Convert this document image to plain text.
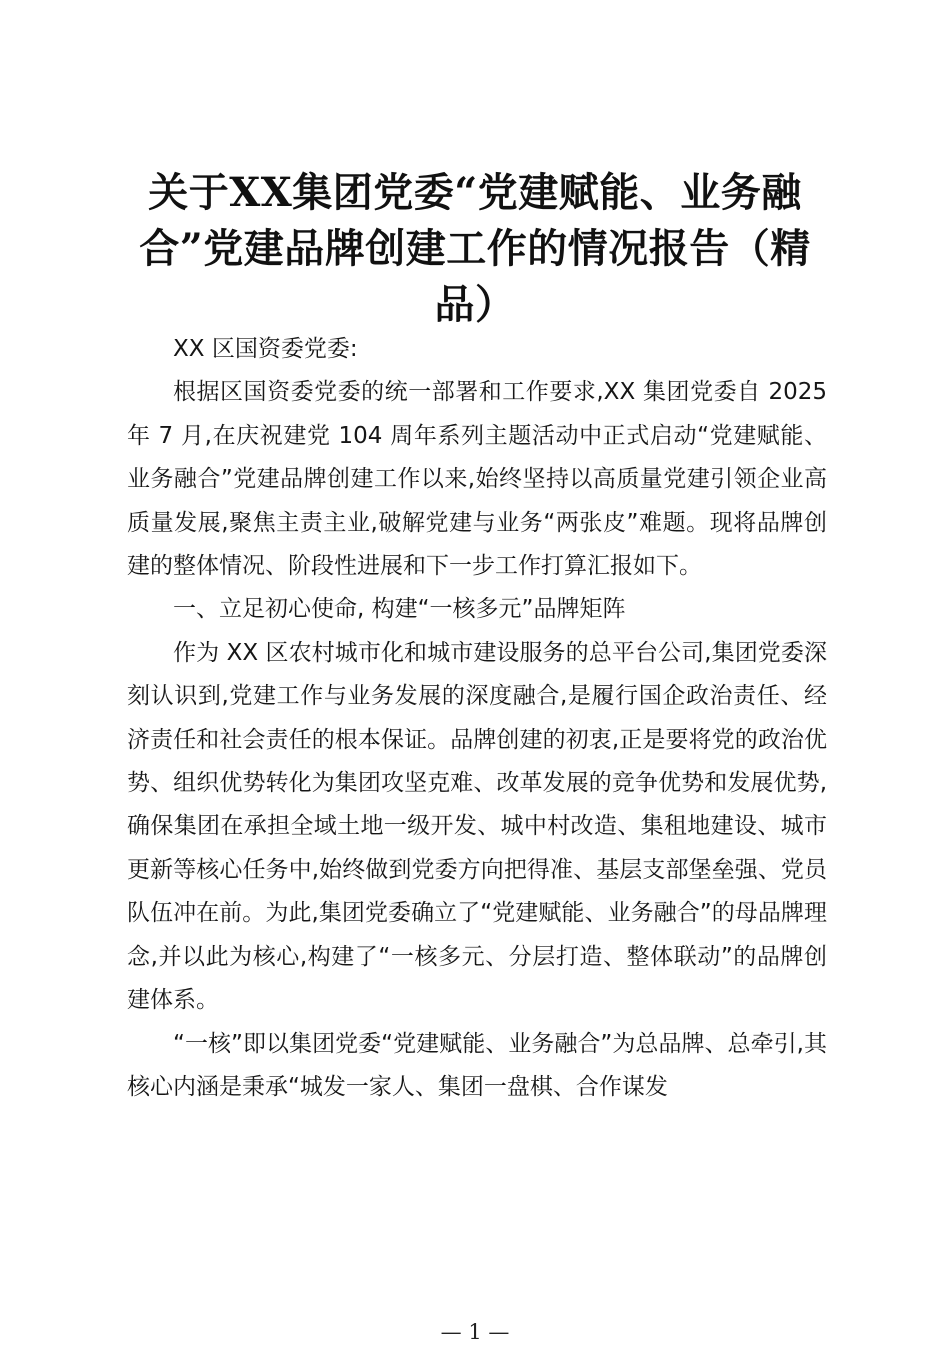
关于XX集团党委“党建赋能、业务融合”党建品牌创建工作的情况报告（精品）

XX 区国资委党委:

根据区国资委党委的统一部署和工作要求,XX 集团党委自 2025 年 7 月,在庆祝建党 104 周年系列主题活动中正式启动“党建赋能、业务融合”党建品牌创建工作以来,始终坚持以高质量党建引领企业高质量发展,聚焦主责主业,破解党建与业务“两张皮”难题。现将品牌创建的整体情况、阶段性进展和下一步工作打算汇报如下。

一、立足初心使命, 构建“一核多元”品牌矩阵

作为 XX 区农村城市化和城市建设服务的总平台公司,集团党委深刻认识到,党建工作与业务发展的深度融合,是履行国企政治责任、经济责任和社会责任的根本保证。品牌创建的初衷,正是要将党的政治优势、组织优势转化为集团攻坚克难、改革发展的竞争优势和发展优势,确保集团在承担全域土地一级开发、城中村改造、集租地建设、城市更新等核心任务中,始终做到党委方向把得准、基层支部堡垒强、党员队伍冲在前。为此,集团党委确立了“党建赋能、业务融合”的母品牌理念,并以此为核心,构建了“一核多元、分层打造、整体联动”的品牌创建体系。

“一核”即以集团党委“党建赋能、业务融合”为总品牌、总牵引,其核心内涵是秉承“城发一家人、集团一盘棋、合作谋发

— 1 —
